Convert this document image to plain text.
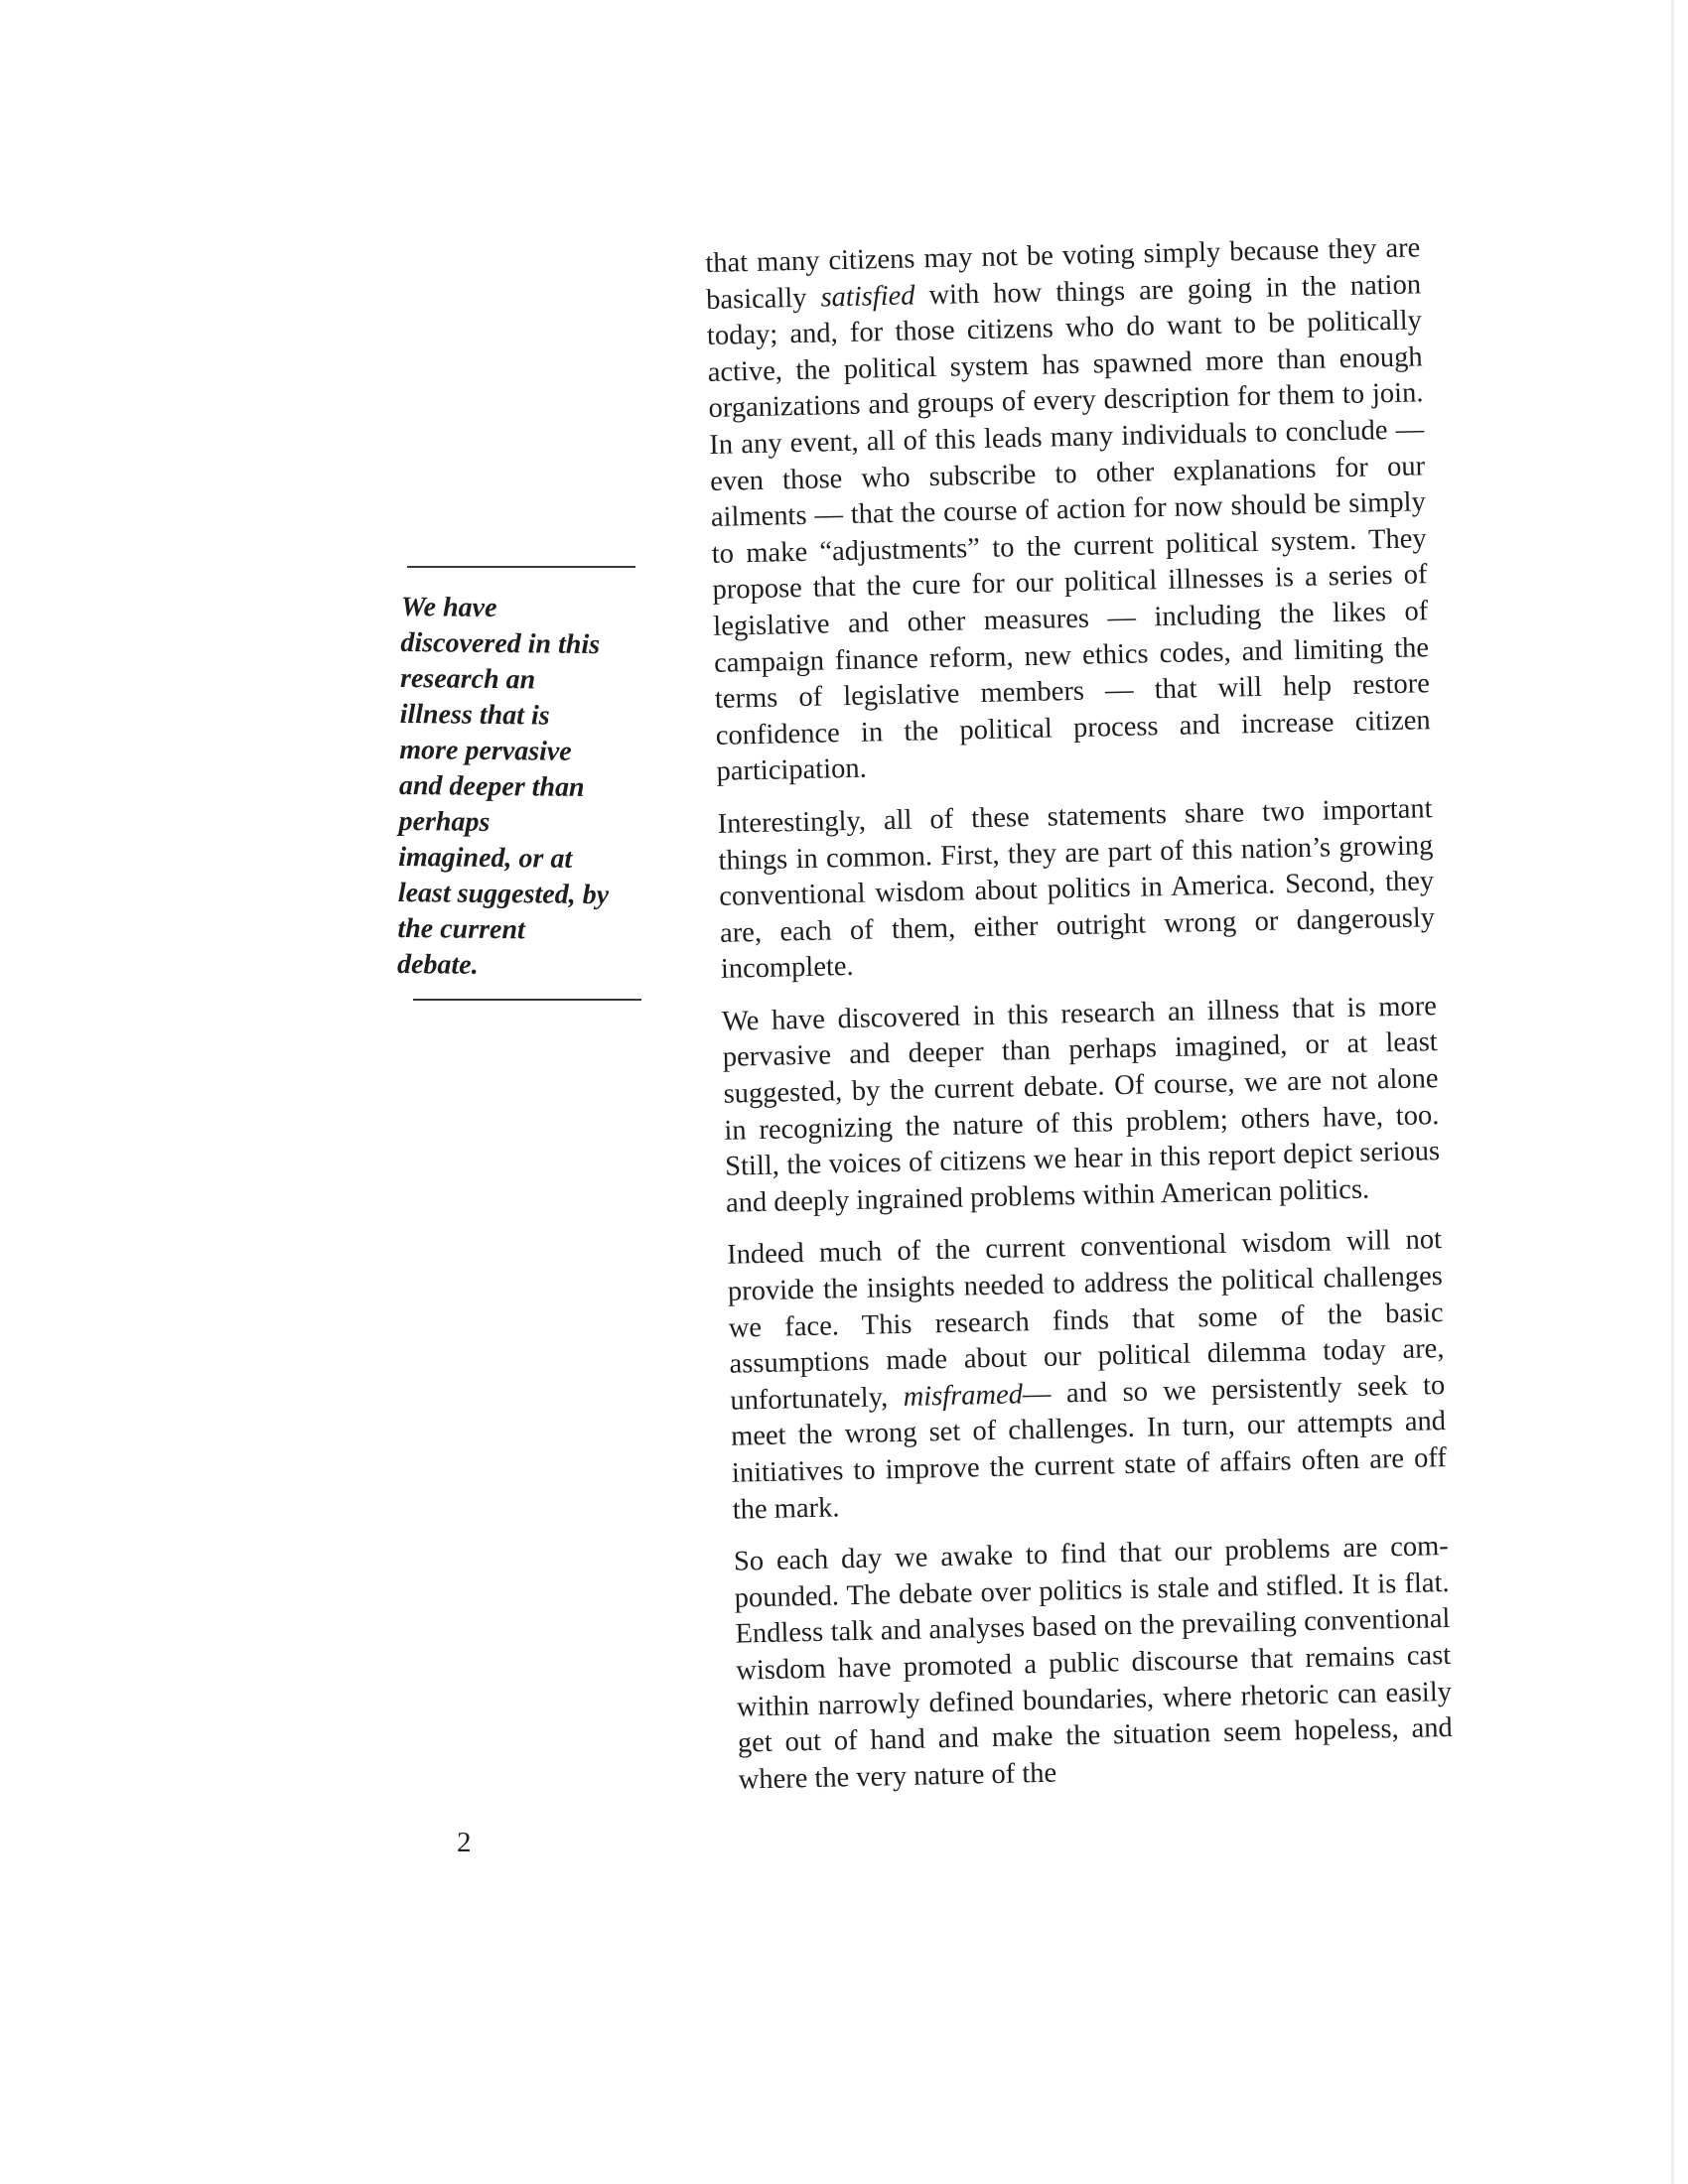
We have
discovered in this
research an
illness that is
more pervasive
and deeper than
perhaps
imagined, or at
least suggested, by
the current
debate.

that many citizens may not be voting simply because they are basically satisfied with how things are going in the nation today; and, for those citizens who do want to be politically active, the political system has spawned more than enough organizations and groups of every description for them to join. In any event, all of this leads many individuals to conclude — even those who subscribe to other explanations for our ailments — that the course of action for now should be simply to make “adjustments” to the current political system. They propose that the cure for our political illnesses is a series of legislative and other measures — including the likes of campaign finance reform, new ethics codes, and limiting the terms of legislative members — that will help restore confidence in the political process and increase citizen participation.

Interestingly, all of these statements share two important things in common. First, they are part of this nation’s growing conventional wisdom about politics in America. Second, they are, each of them, either outright wrong or dangerously incomplete.

We have discovered in this research an illness that is more pervasive and deeper than perhaps imagined, or at least suggested, by the current debate. Of course, we are not alone in recognizing the nature of this problem; others have, too. Still, the voices of citizens we hear in this report depict serious and deeply ingrained problems within American politics.

Indeed much of the current conventional wisdom will not provide the insights needed to address the political challenges we face. This research finds that some of the basic assumptions made about our political dilemma today are, unfortunately, misframed— and so we persistently seek to meet the wrong set of challenges. In turn, our attempts and initiatives to improve the current state of affairs often are off the mark.

So each day we awake to find that our problems are compounded. The debate over politics is stale and stifled. It is flat. Endless talk and analyses based on the prevailing conventional wisdom have promoted a public discourse that remains cast within narrowly defined boundaries, where rhetoric can easily get out of hand and make the situation seem hopeless, and where the very nature of the

2
